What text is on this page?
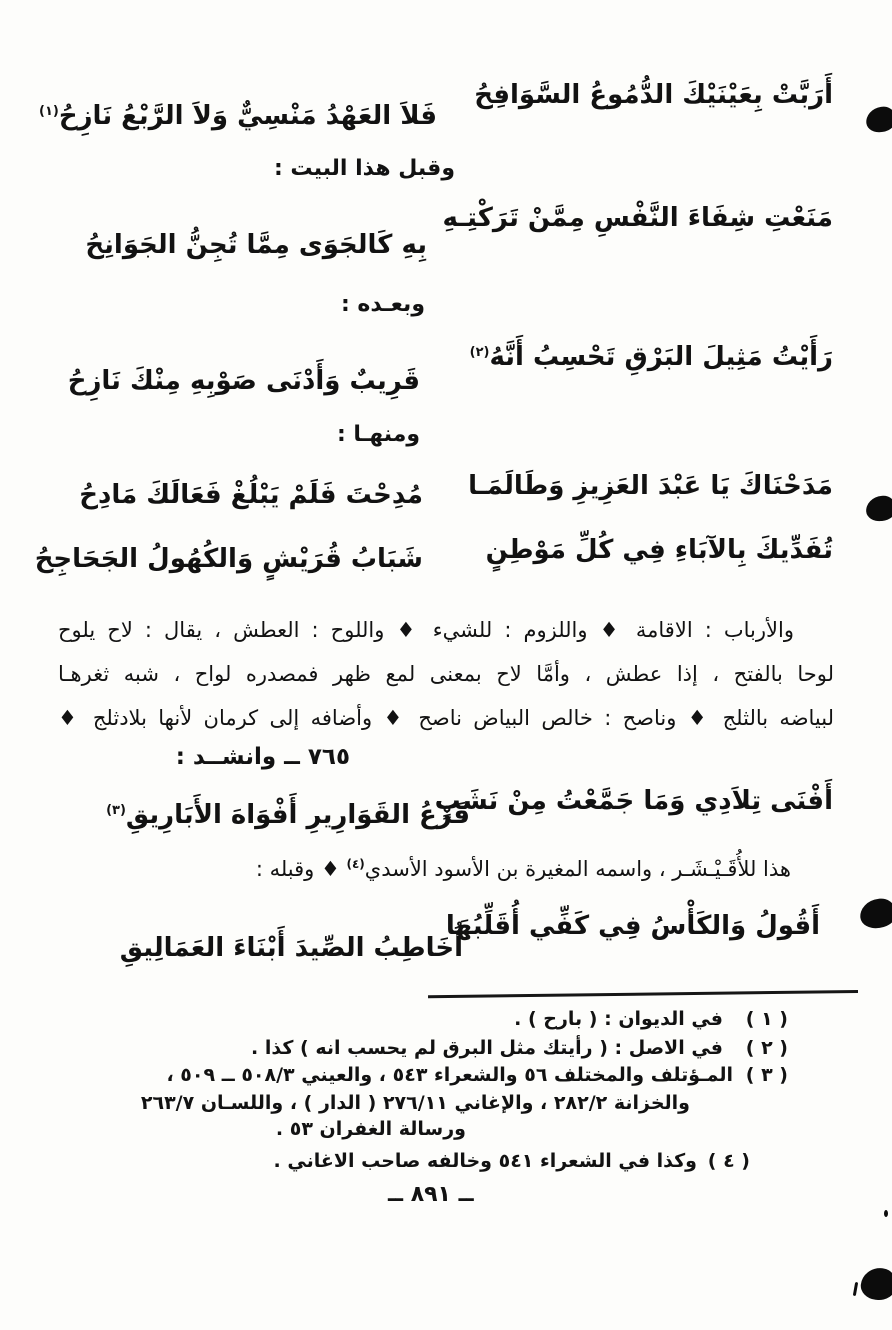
أَرَبَّتْ بِعَيْنَيْكَ الدُّمُوعُ السَّوَافِحُ
فَلاَ العَهْدُ مَنْسِيٌّ وَلاَ الرَّبْعُ نَازِحُ$^{(١)}$
وقبل هذا البيت :
مَنَعْتِ شِفَاءَ النَّفْسِ مِمَّنْ تَرَكْتِـهِ
بِهِ كَالجَوَى مِمَّا تُجِنُّ الجَوَانِحُ
وبعـده :
رَأَيْتُ مَثِيلَ البَرْقِ تَحْسِبُ أَنَّهُ$^{(٢)}$
قَرِيبٌ وَأَدْنَى صَوْبِهِ مِنْكَ نَازِحُ
ومنهـا :
مَدَحْنَاكَ يَا عَبْدَ العَزِيزِ وَطَالَمَـا
مُدِحْتَ فَلَمْ يَبْلُغْ فَعَالَكَ مَادِحُ
تُفَدِّيكَ بِالآبَاءِ فِي كُلِّ مَوْطِنٍ
شَبَابُ قُرَيْشٍ وَالكُهُولُ الجَحَاجِحُ
والأرباب : الاقامة ♦ واللزوم : للشيء ♦ واللوح : العطش ، يقال : لاح يلوح
لوحا بالفتح ، إذا عطش ، وأمَّا لاح بمعنى لمع ظهر فمصدره لواح ، شبه ثغرهـا
لبياضه بالثلج ♦ وناصح : خالص البياض ناصح ♦ وأضافه إلى كرمان لأنها بلادثلج ♦
٧٦٥ ــ وانشــد :
أَفْنَى تِلاَدِي وَمَا جَمَّعْتُ مِنْ نَشَبٍ
قَرْعُ القَوَارِيرِ أَفْوَاهَ الأَبَارِيقِ$^{(٣)}$
هذا للأُقَـيْـشَـر ، واسمه المغيرة بن الأسود الأسدي$^{(٤)}$ ♦ وقبله :
أَقُولُ وَالكَأْسُ فِي كَفِّي أُقَلِّبُهَا
أُخَاطِبُ الصِّيدَ أَبْنَاءَ العَمَالِيقِ
( ١ )
في الديوان : ( بارح ) .
( ٢ )
في الاصل : ( رأيتك مثل البرق لم يحسب انه ) كذا .
( ٣ )
المـؤتلف والمختلف ٥٦ والشعراء ٥٤٣ ، والعيني ٥٠٨/٣ ــ ٥٠٩ ،
والخزانة ٢٨٢/٢ ، والإغاني ٢٧٦/١١ ( الدار ) ، واللسـان ٢٦٣/٧
ورسالة الغفران ٥٣ .
( ٤ )
وكذا في الشعراء ٥٤١ وخالفه صاحب الاغاني .
ــ ٨٩١ ــ
